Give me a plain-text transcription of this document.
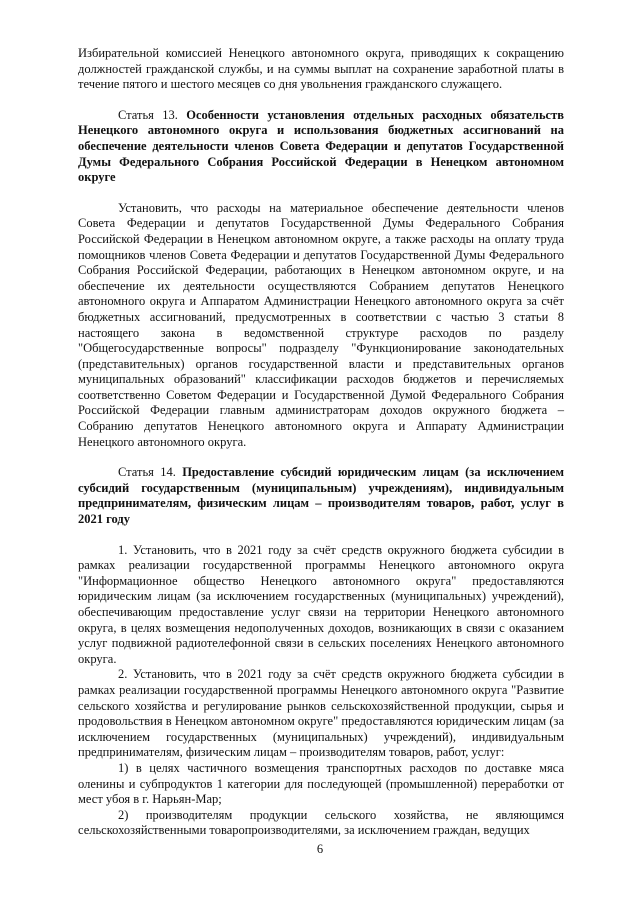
Избирательной комиссией Ненецкого автономного округа, приводящих к сокращению должностей гражданской службы, и на суммы выплат на сохранение заработной платы в течение пятого и шестого месяцев со дня увольнения гражданского служащего.

Статья 13. Особенности установления отдельных расходных обязательств Ненецкого автономного округа и использования бюджетных ассигнований на обеспечение деятельности членов Совета Федерации и депутатов Государственной Думы Федерального Собрания Российской Федерации в Ненецком автономном округе

Установить, что расходы на материальное обеспечение деятельности членов Совета Федерации и депутатов Государственной Думы Федерального Собрания Российской Федерации в Ненецком автономном округе, а также расходы на оплату труда помощников членов Совета Федерации и депутатов Государственной Думы Федерального Собрания Российской Федерации, работающих в Ненецком автономном округе, и на обеспечение их деятельности осуществляются Собранием депутатов Ненецкого автономного округа и Аппаратом Администрации Ненецкого автономного округа за счёт бюджетных ассигнований, предусмотренных в соответствии с частью 3 статьи 8 настоящего закона в ведомственной структуре расходов по разделу "Общегосударственные вопросы" подразделу "Функционирование законодательных (представительных) органов государственной власти и представительных органов муниципальных образований" классификации расходов бюджетов и перечисляемых соответственно Советом Федерации и Государственной Думой Федерального Собрания Российской Федерации главным администраторам доходов окружного бюджета – Собранию депутатов Ненецкого автономного округа и Аппарату Администрации Ненецкого автономного округа.

Статья 14. Предоставление субсидий юридическим лицам (за исключением субсидий государственным (муниципальным) учреждениям), индивидуальным предпринимателям, физическим лицам – производителям товаров, работ, услуг в 2021 году

1. Установить, что в 2021 году за счёт средств окружного бюджета субсидии в рамках реализации государственной программы Ненецкого автономного округа "Информационное общество Ненецкого автономного округа" предоставляются юридическим лицам (за исключением государственных (муниципальных) учреждений), обеспечивающим предоставление услуг связи на территории Ненецкого автономного округа, в целях возмещения недополученных доходов, возникающих в связи с оказанием услуг подвижной радиотелефонной связи в сельских поселениях Ненецкого автономного округа.

2. Установить, что в 2021 году за счёт средств окружного бюджета субсидии в рамках реализации государственной программы Ненецкого автономного округа "Развитие сельского хозяйства и регулирование рынков сельскохозяйственной продукции, сырья и продовольствия в Ненецком автономном округе" предоставляются юридическим лицам (за исключением государственных (муниципальных) учреждений), индивидуальным предпринимателям, физическим лицам – производителям товаров, работ, услуг:

1) в целях частичного возмещения транспортных расходов по доставке мяса оленины и субпродуктов 1 категории для последующей (промышленной) переработки от мест убоя в г. Нарьян-Мар;

2) производителям продукции сельского хозяйства, не являющимся сельскохозяйственными товаропроизводителями, за исключением граждан, ведущих

6
